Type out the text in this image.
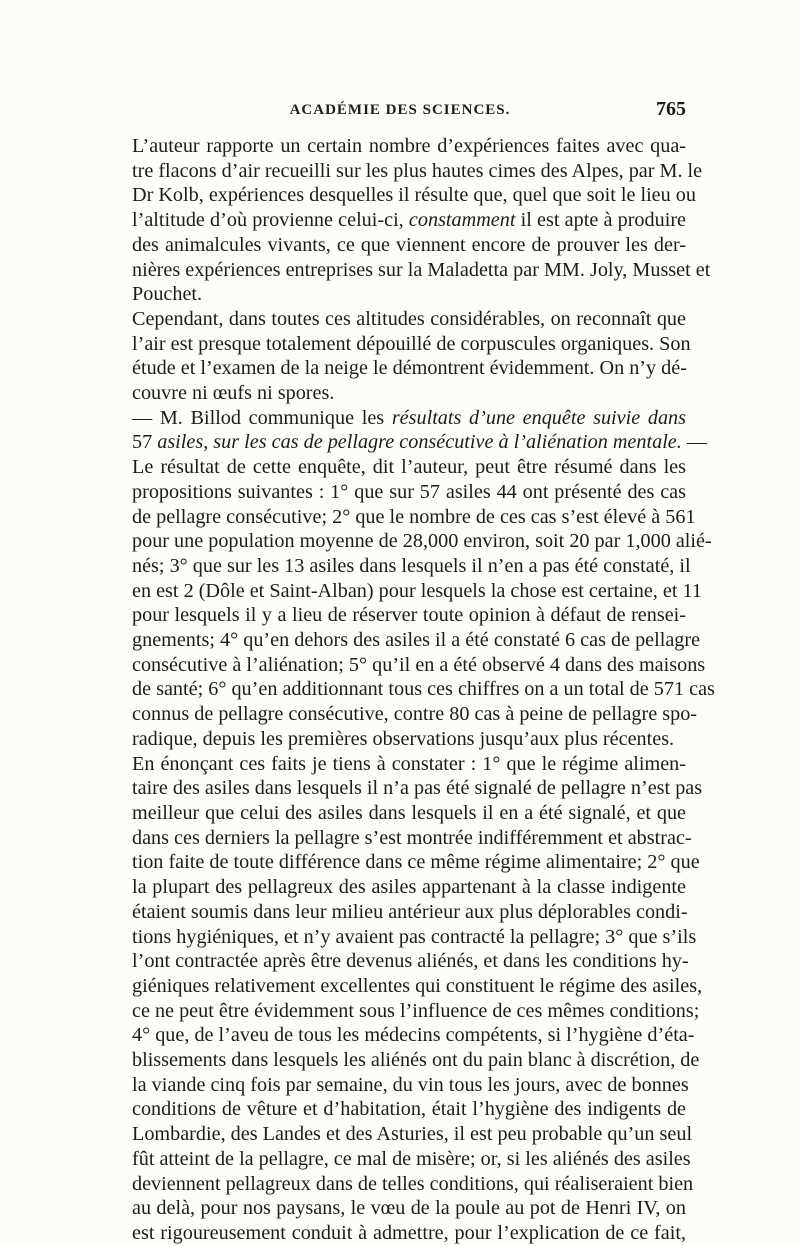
ACADÉMIE DES SCIENCES.	765
L’auteur rapporte un certain nombre d’expériences faites avec qua-
tre flacons d’air recueilli sur les plus hautes cimes des Alpes, par M. le
Dr Kolb, expériences desquelles il résulte que, quel que soit le lieu ou
l’altitude d’où provienne celui-ci, constamment il est apte à produire
des animalcules vivants, ce que viennent encore de prouver les der-
nières expériences entreprises sur la Maladetta par MM. Joly, Musset et
Pouchet.
Cependant, dans toutes ces altitudes considérables, on reconnaît que
l’air est presque totalement dépouillé de corpuscules organiques. Son
étude et l’examen de la neige le démontrent évidemment. On n’y dé-
couvre ni œufs ni spores.
— M. Billod communique les résultats d’une enquête suivie dans
57 asiles, sur les cas de pellagre consécutive à l’aliénation mentale. —
Le résultat de cette enquête, dit l’auteur, peut être résumé dans les
propositions suivantes : 1° que sur 57 asiles 44 ont présenté des cas
de pellagre consécutive; 2° que le nombre de ces cas s’est élevé à 561
pour une population moyenne de 28,000 environ, soit 20 par 1,000 alié-
nés; 3° que sur les 13 asiles dans lesquels il n’en a pas été constaté, il
en est 2 (Dôle et Saint-Alban) pour lesquels la chose est certaine, et 11
pour lesquels il y a lieu de réserver toute opinion à défaut de rensei-
gnements; 4° qu’en dehors des asiles il a été constaté 6 cas de pellagre
consécutive à l’aliénation; 5° qu’il en a été observé 4 dans des maisons
de santé; 6° qu’en additionnant tous ces chiffres on a un total de 571 cas
connus de pellagre consécutive, contre 80 cas à peine de pellagre spo-
radique, depuis les premières observations jusqu’aux plus récentes.
En énonçant ces faits je tiens à constater : 1° que le régime alimen-
taire des asiles dans lesquels il n’a pas été signalé de pellagre n’est pas
meilleur que celui des asiles dans lesquels il en a été signalé, et que
dans ces derniers la pellagre s’est montrée indifféremment et abstrac-
tion faite de toute différence dans ce même régime alimentaire; 2° que
la plupart des pellagreux des asiles appartenant à la classe indigente
étaient soumis dans leur milieu antérieur aux plus déplorables condi-
tions hygiéniques, et n’y avaient pas contracté la pellagre; 3° que s’ils
l’ont contractée après être devenus aliénés, et dans les conditions hy-
giéniques relativement excellentes qui constituent le régime des asiles,
ce ne peut être évidemment sous l’influence de ces mêmes conditions;
4° que, de l’aveu de tous les médecins compétents, si l’hygiène d’éta-
blissements dans lesquels les aliénés ont du pain blanc à discrétion, de
la viande cinq fois par semaine, du vin tous les jours, avec de bonnes
conditions de vêture et d’habitation, était l’hygiène des indigents de
Lombardie, des Landes et des Asturies, il est peu probable qu’un seul
fût atteint de la pellagre, ce mal de misère; or, si les aliénés des asiles
deviennent pellagreux dans de telles conditions, qui réaliseraient bien
au delà, pour nos paysans, le vœu de la poule au pot de Henri IV, on
est rigoureusement conduit à admettre, pour l’explication de ce fait,
